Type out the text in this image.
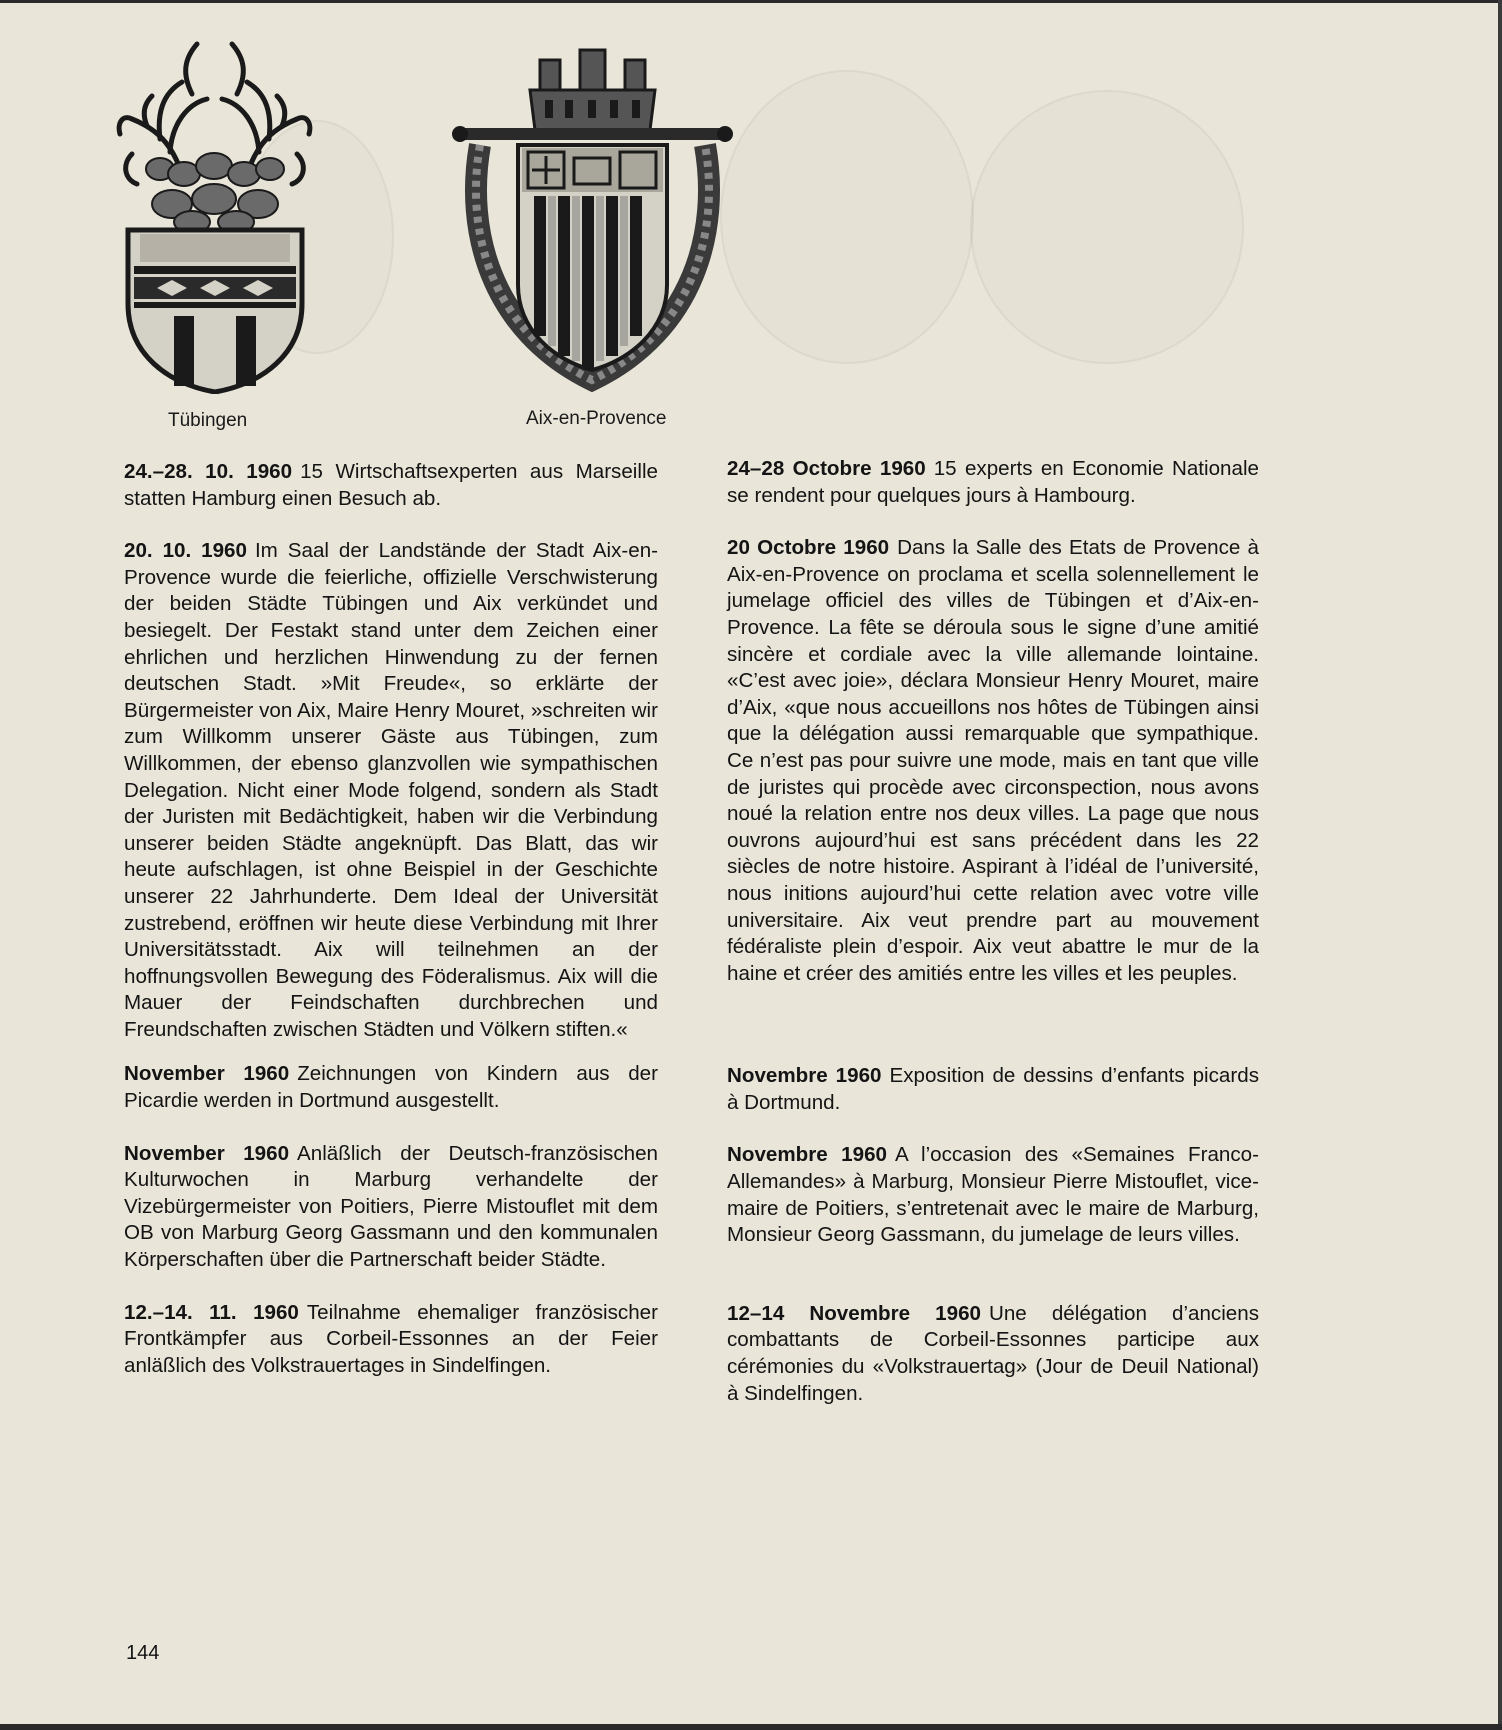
Tübingen	Aix-en-Provence

24.–28. 10. 1960 15 Wirtschaftsexperten aus Marseille statten Hamburg einen Besuch ab.

20. 10. 1960 Im Saal der Landstände der Stadt Aix-en-Provence wurde die feierliche, offizielle Verschwisterung der beiden Städte Tübingen und Aix verkündet und besiegelt. Der Festakt stand unter dem Zeichen einer ehrlichen und herzlichen Hinwendung zu der fernen deutschen Stadt. »Mit Freude«, so erklärte der Bürgermeister von Aix, Maire Henry Mouret, »schreiten wir zum Willkomm unserer Gäste aus Tübingen, zum Willkommen, der ebenso glanzvollen wie sympathischen Delegation. Nicht einer Mode folgend, sondern als Stadt der Juristen mit Bedächtigkeit, haben wir die Verbindung unserer beiden Städte angeknüpft. Das Blatt, das wir heute aufschlagen, ist ohne Beispiel in der Geschichte unserer 22 Jahrhunderte. Dem Ideal der Universität zustrebend, eröffnen wir heute diese Verbindung mit Ihrer Universitätsstadt. Aix will teilnehmen an der hoffnungsvollen Bewegung des Föderalismus. Aix will die Mauer der Feindschaften durchbrechen und Freundschaften zwischen Städten und Völkern stiften.«

November 1960 Zeichnungen von Kindern aus der Picardie werden in Dortmund ausgestellt.

November 1960 Anläßlich der Deutsch-französischen Kulturwochen in Marburg verhandelte der Vizebürgermeister von Poitiers, Pierre Mistouflet mit dem OB von Marburg Georg Gassmann und den kommunalen Körperschaften über die Partnerschaft beider Städte.

12.–14. 11. 1960 Teilnahme ehemaliger französischer Frontkämpfer aus Corbeil-Essonnes an der Feier anläßlich des Volkstrauertages in Sindelfingen.

24–28 Octobre 1960 15 experts en Economie Nationale se rendent pour quelques jours à Hambourg.

20 Octobre 1960 Dans la Salle des Etats de Provence à Aix-en-Provence on proclama et scella solennellement le jumelage officiel des villes de Tübingen et d’Aix-en-Provence. La fête se déroula sous le signe d’une amitié sincère et cordiale avec la ville allemande lointaine. «C’est avec joie», déclara Monsieur Henry Mouret, maire d’Aix, «que nous accueillons nos hôtes de Tübingen ainsi que la délégation aussi remarquable que sympathique. Ce n’est pas pour suivre une mode, mais en tant que ville de juristes qui procède avec circonspection, nous avons noué la relation entre nos deux villes. La page que nous ouvrons aujourd’hui est sans précédent dans les 22 siècles de notre histoire. Aspirant à l’idéal de l’université, nous initions aujourd’hui cette relation avec votre ville universitaire. Aix veut prendre part au mouvement fédéraliste plein d’espoir. Aix veut abattre le mur de la haine et créer des amitiés entre les villes et les peuples.

Novembre 1960 Exposition de dessins d’enfants picards à Dortmund.

Novembre 1960 A l’occasion des «Semaines Franco-Allemandes» à Marburg, Monsieur Pierre Mistouflet, vice-maire de Poitiers, s’entretenait avec le maire de Marburg, Monsieur Georg Gassmann, du jumelage de leurs villes.

12–14 Novembre 1960 Une délégation d’anciens combattants de Corbeil-Essonnes participe aux cérémonies du «Volkstrauertag» (Jour de Deuil National) à Sindelfingen.

144
